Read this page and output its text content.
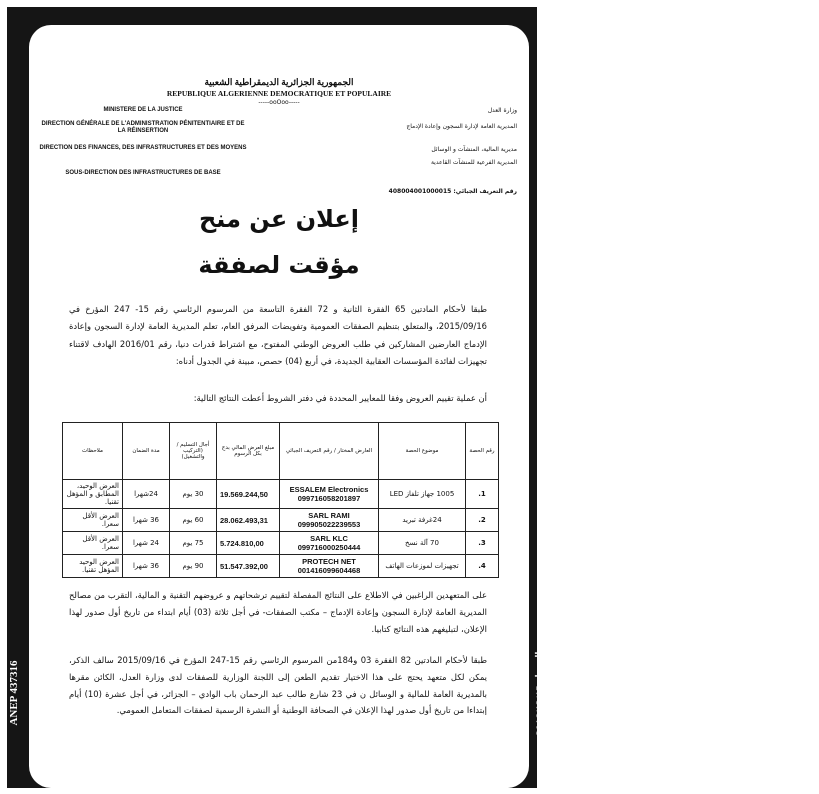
ANEP 437316	2016/12/15 المساء
الجمهورية الجزائرية الديمقراطية الشعبية
REPUBLIQUE ALGERIENNE DEMOCRATIQUE ET POPULAIRE
-----ooOoo-----
MINISTERE DE LA JUSTICE
DIRECTION GÉNÉRALE DE L'ADMINISTRATION PÉNITENTIAIRE ET DE LA RÉINSERTION
DIRECTION DES FINANCES, DES INFRASTRUCTURES ET DES MOYENS
SOUS-DIRECTION DES INFRASTRUCTURES DE BASE
وزارة العدل
المديرية العامة لإدارة السجون وإعادة الإدماج
مديرية المالية، المنشآت و الوسائل
المديرية الفرعية للمنشآت القاعدية
رقم التعريف الجبائي: 408004001000015
إعلان عن منح
مؤقت لصفقة
طبقا لأحكام المادتين 65 الفقرة الثانية و 72 الفقرة التاسعة من المرسوم الرئاسي رقم 15- 247 المؤرخ في 2015/09/16، والمتعلق بتنظيم الصفقات العمومية وتفويضات المرفق العام، تعلم المديرية العامة لإدارة السجون وإعادة الإدماج العارضين المشاركين في طلب العروض الوطني المفتوح، مع اشتراط قدرات دنيا، رقم 2016/01 الهادف لاقتناء تجهيزات لفائدة المؤسسات العقابية الجديدة، في أربع (04) حصص، مبينة في الجدول أدناه:
أن عملية تقييم العروض وفقا للمعايير المحددة في دفتر الشروط أعطت النتائج التالية:
رقم الحصة	موضوع الحصة	العارض المختار / رقم التعريف الجبائي	مبلغ العرض المالي بدج بكل الرسوم	أجال التسليم / (التركيب والتشغيل)	مدة الضمان	ملاحظات
1.	1005 جهاز تلفاز LED	ESSALEM Electronics 099716058201897	19.569.244,50	30 يوم	24شهرا	العرض الوحيد، المطابق و المؤهل تقنيا.
2.	24غرفة تبريد	SARL RAMI 099905022239553	28.062.493,31	60 يوم	36 شهرا	العرض الأقل سعرا.
3.	70 آلة نسخ	SARL KLC 099716000250444	5.724.810,00	75 يوم	24 شهرا	العرض الأقل سعرا.
4.	تجهيزات لموزعات الهاتف	PROTECH NET 001416099604468	51.547.392,00	90 يوم	36 شهرا	العرض الوحيد المؤهل تقنيا.
على المتعهدين الراغبين في الاطلاع على النتائج المفصلة لتقييم ترشحاتهم و عروضهم التقنية و المالية، التقرب من مصالح المديرية العامة لإدارة السجون وإعادة الإدماج – مكتب الصفقات- في أجل ثلاثة (03) أيام ابتداء من تاريخ أول صدور لهذا الإعلان، لتبليغهم هذه النتائج كتابيا.
طبقا لأحكام المادتين 82 الفقرة 03 و184من المرسوم الرئاسي رقم 15-247 المؤرخ في 2015/09/16 سالف الذكر، يمكن لكل متعهد يحتج على هذا الاختيار تقديم الطعن إلى اللجنة الوزارية للصفقات لدى وزارة العدل، الكائن مقرها بالمديرية العامة للمالية و الوسائل ن في 23 شارع طالب عبد الرحمان باب الوادي – الجزائر، في أجل عشرة (10) أيام إبتداءا من تاريخ أول صدور لهذا الإعلان في الصحافة الوطنية أو النشرة الرسمية لصفقات المتعامل العمومي.
